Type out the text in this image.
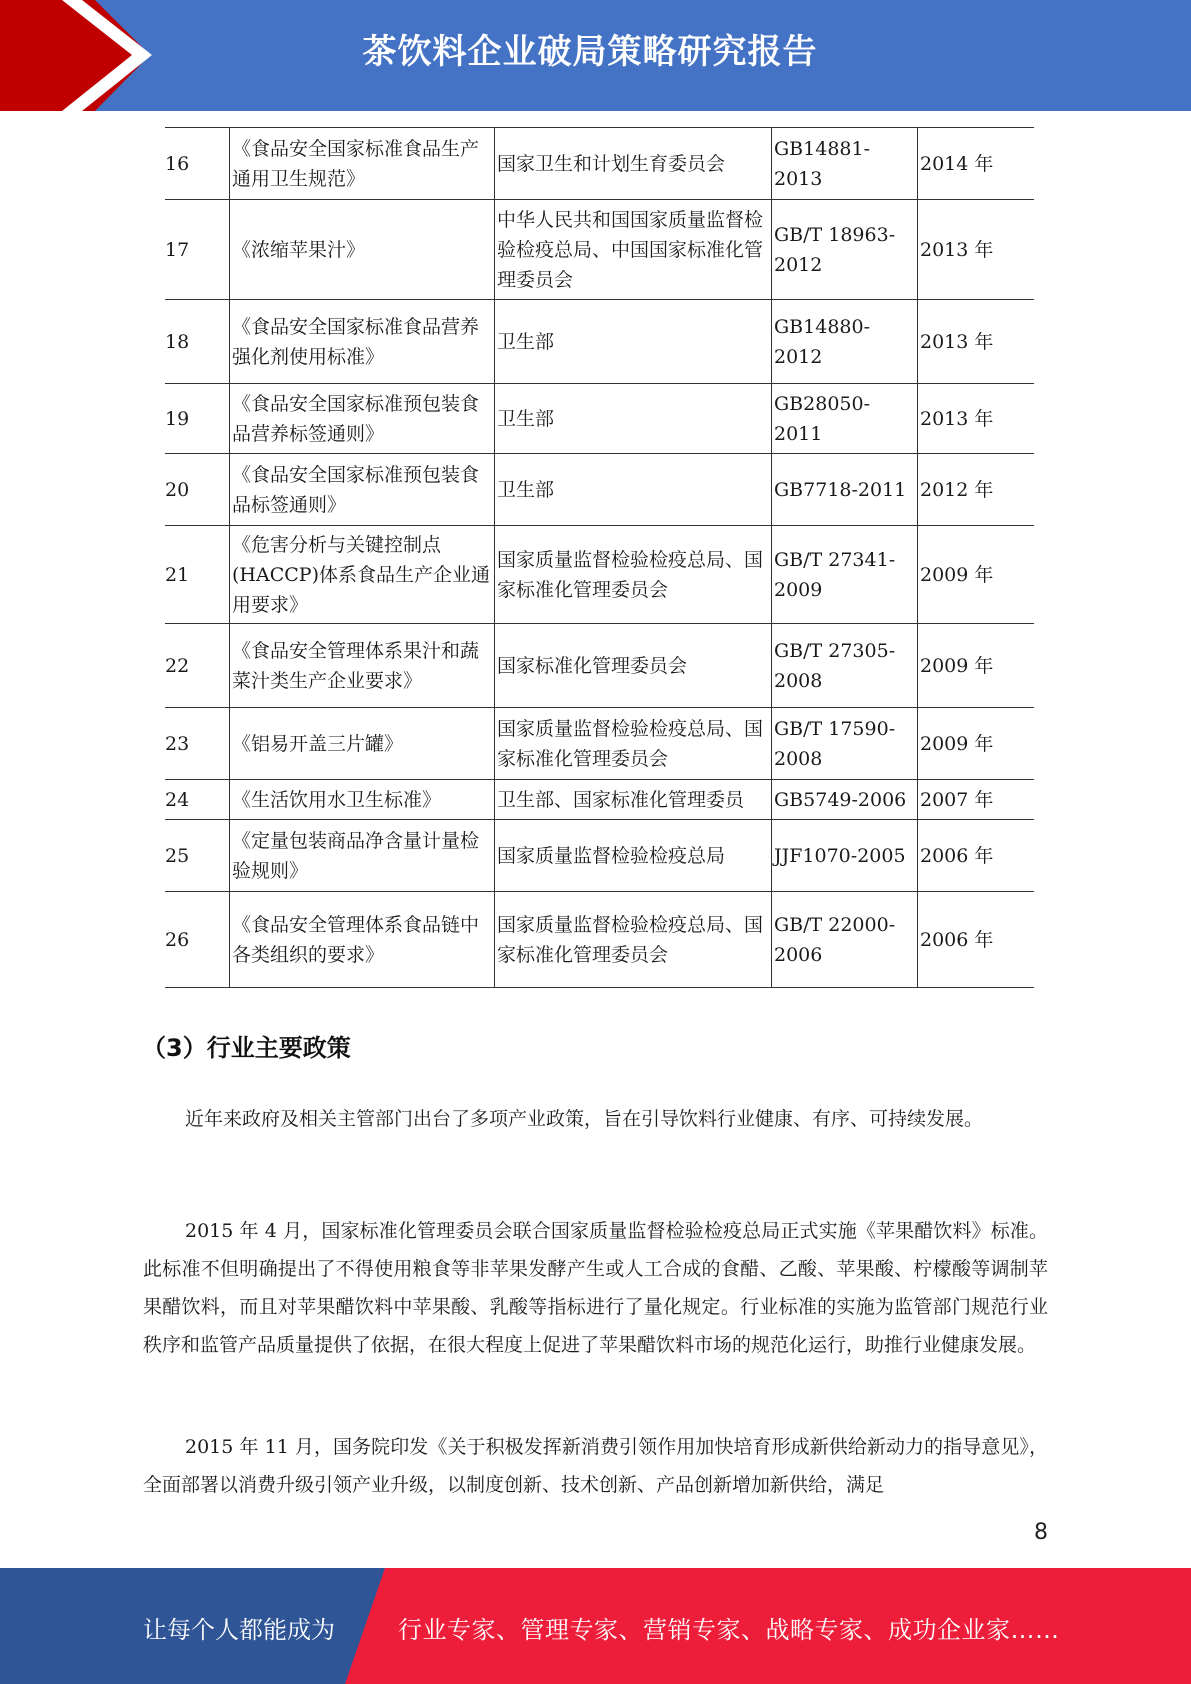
茶饮料企业破局策略研究报告
16	《食品安全国家标准食品生产通用卫生规范》	国家卫生和计划生育委员会	GB14881-2013	2014 年
17	《浓缩苹果汁》	中华人民共和国国家质量监督检验检疫总局、中国国家标准化管理委员会	GB/T 18963-2012	2013 年
18	《食品安全国家标准食品营养强化剂使用标准》	卫生部	GB14880-2012	2013 年
19	《食品安全国家标准预包装食品营养标签通则》	卫生部	GB28050-2011	2013 年
20	《食品安全国家标准预包装食品标签通则》	卫生部	GB7718-2011	2012 年
21	《危害分析与关键控制点(HACCP)体系食品生产企业通用要求》	国家质量监督检验检疫总局、国家标准化管理委员会	GB/T 27341-2009	2009 年
22	《食品安全管理体系果汁和蔬菜汁类生产企业要求》	国家标准化管理委员会	GB/T 27305-2008	2009 年
23	《铝易开盖三片罐》	国家质量监督检验检疫总局、国家标准化管理委员会	GB/T 17590-2008	2009 年
24	《生活饮用水卫生标准》	卫生部、国家标准化管理委员	GB5749-2006	2007 年
25	《定量包装商品净含量计量检验规则》	国家质量监督检验检疫总局	JJF1070-2005	2006 年
26	《食品安全管理体系食品链中各类组织的要求》	国家质量监督检验检疫总局、国家标准化管理委员会	GB/T 22000-2006	2006 年
（3）行业主要政策

近年来政府及相关主管部门出台了多项产业政策，旨在引导饮料行业健康、有序、可持续发展。

2015 年 4 月，国家标准化管理委员会联合国家质量监督检验检疫总局正式实施《苹果醋饮料》标准。此标准不但明确提出了不得使用粮食等非苹果发酵产生或人工合成的食醋、乙酸、苹果酸、柠檬酸等调制苹果醋饮料，而且对苹果醋饮料中苹果酸、乳酸等指标进行了量化规定。行业标准的实施为监管部门规范行业秩序和监管产品质量提供了依据，在很大程度上促进了苹果醋饮料市场的规范化运行，助推行业健康发展。

2015 年 11 月，国务院印发《关于积极发挥新消费引领作用加快培育形成新供给新动力的指导意见》，全面部署以消费升级引领产业升级，以制度创新、技术创新、产品创新增加新供给，满足

8
让每个人都能成为	行业专家、管理专家、营销专家、战略专家、成功企业家……
